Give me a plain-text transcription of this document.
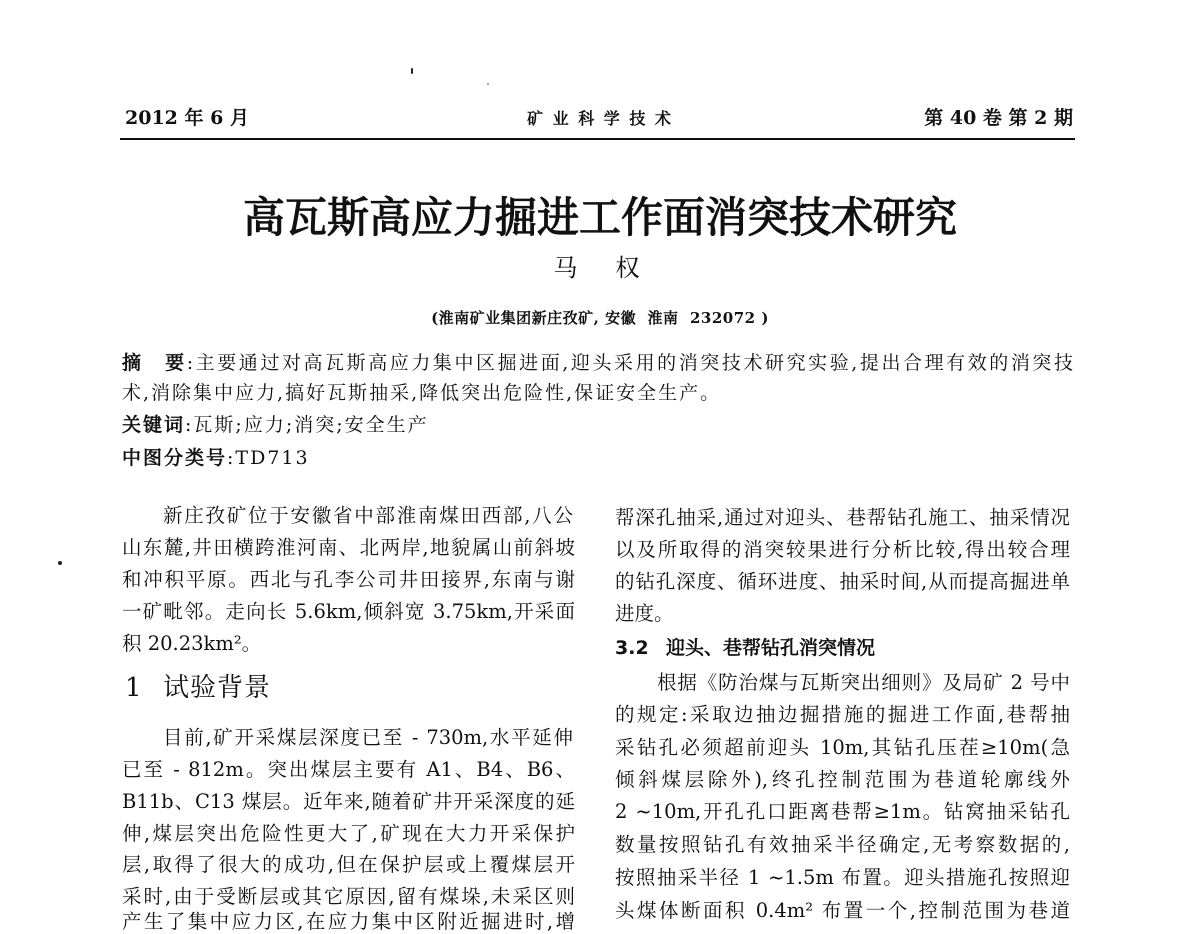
2012 年 6 月	矿 业 科 学 技 术	第 40 卷 第 2 期
高瓦斯高应力掘进工作面消突技术研究
马　权
(淮南矿业集团新庄孜矿, 安徽  淮南  232072 )
摘　要:主要通过对高瓦斯高应力集中区掘进面,迎头采用的消突技术研究实验,提出合理有效的消突技
术,消除集中应力,搞好瓦斯抽采,降低突出危险性,保证安全生产。
关键词:瓦斯;应力;消突;安全生产
中图分类号:TD713
新庄孜矿位于安徽省中部淮南煤田西部,八公
山东麓,井田横跨淮河南、北两岸,地貌属山前斜坡
和冲积平原。西北与孔李公司井田接界,东南与谢
一矿毗邻。走向长 5.6km,倾斜宽 3.75km,开采面
积 20.23km²。
1 试验背景
目前,矿开采煤层深度已至 - 730m,水平延伸
已至 - 812m。突出煤层主要有 A1、B4、B6、
B11b、C13 煤层。近年来,随着矿井开采深度的延
伸,煤层突出危险性更大了,矿现在大力开采保护
层,取得了很大的成功,但在保护层或上覆煤层开
采时,由于受断层或其它原因,留有煤垛,未采区则
产生了集中应力区,在应力集中区附近掘进时,增
帮深孔抽采,通过对迎头、巷帮钻孔施工、抽采情况
以及所取得的消突较果进行分析比较,得出较合理
的钻孔深度、循环进度、抽采时间,从而提高掘进单
进度。
3.2 迎头、巷帮钻孔消突情况
根据《防治煤与瓦斯突出细则》及局矿 2 号中
的规定:采取边抽边掘措施的掘进工作面,巷帮抽
采钻孔必须超前迎头 10m,其钻孔压茬≥10m(急
倾斜煤层除外),终孔控制范围为巷道轮廓线外
2 ~10m,开孔孔口距离巷帮≥1m。钻窝抽采钻孔
数量按照钻孔有效抽采半径确定,无考察数据的,
按照抽采半径 1 ~1.5m 布置。迎头措施孔按照迎
头煤体断面积 0.4m² 布置一个,控制范围为巷道
